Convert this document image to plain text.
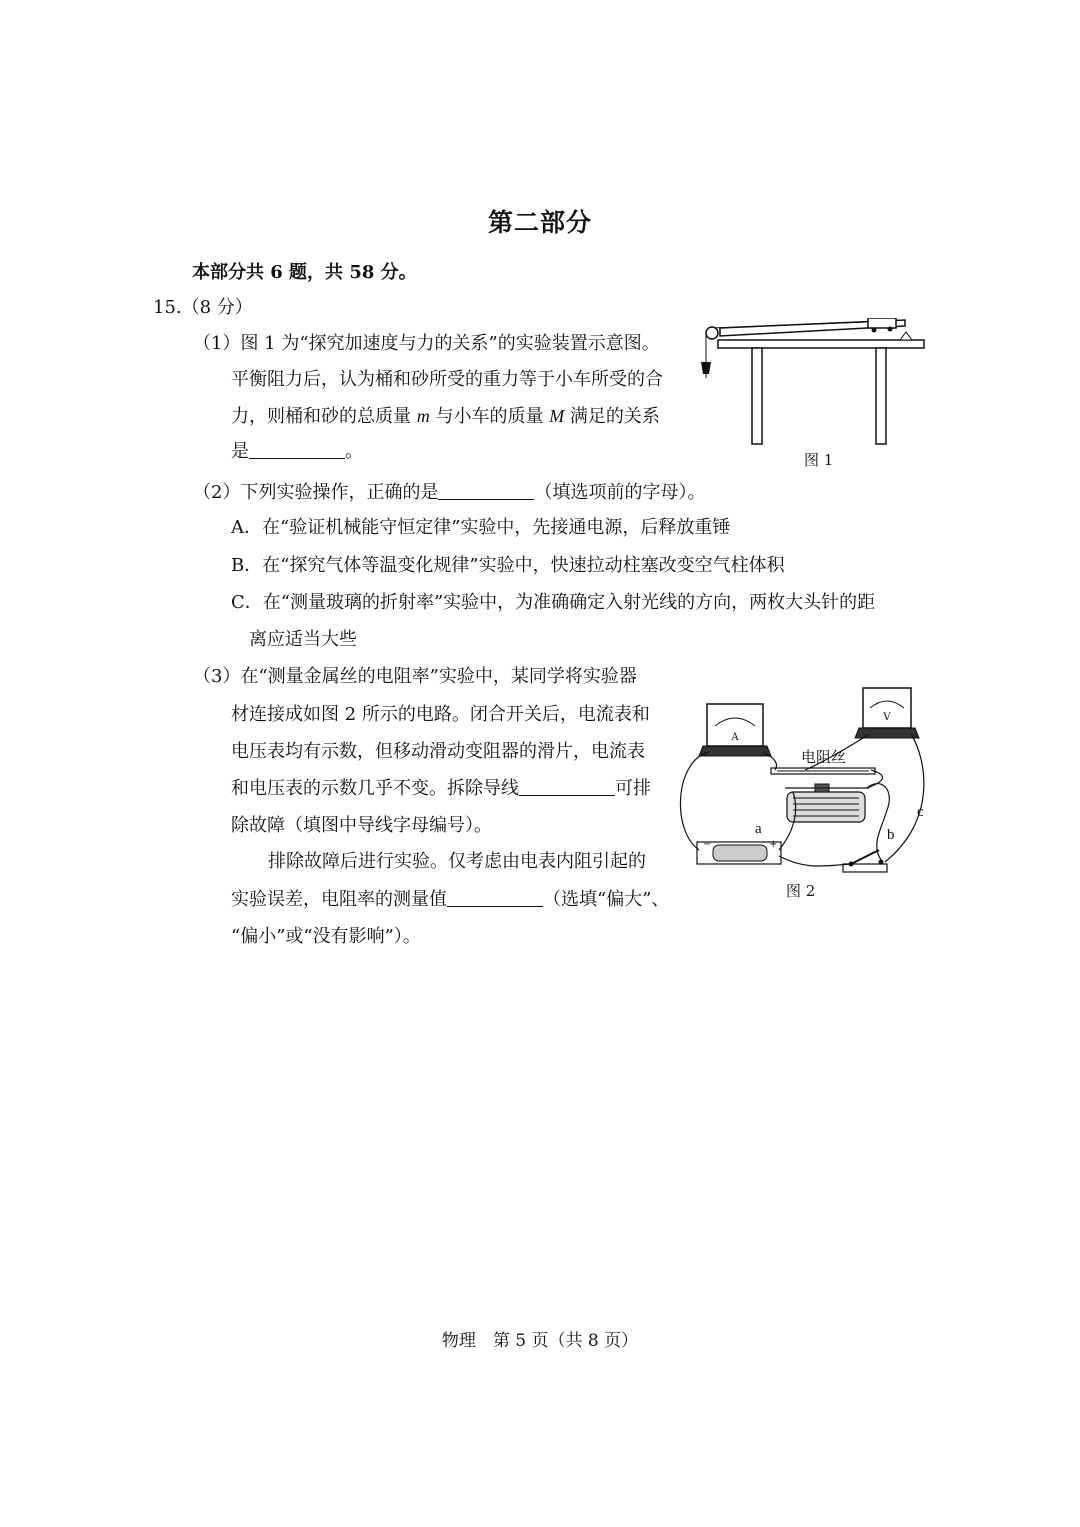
第二部分
本部分共 6 题，共 58 分。
15.（8 分）
（1）图 1 为“探究加速度与力的关系”的实验装置示意图。
平衡阻力后，认为桶和砂所受的重力等于小车所受的合
力，则桶和砂的总质量 m 与小车的质量 M 满足的关系
是	。	图 1
（2）下列实验操作，正确的是	（填选项前的字母）。
A．在“验证机械能守恒定律”实验中，先接通电源，后释放重锤
B．在“探究气体等温变化规律”实验中，快速拉动柱塞改变空气柱体积
C．在“测量玻璃的折射率”实验中，为准确确定入射光线的方向，两枚大头针的距
离应适当大些
（3）在“测量金属丝的电阻率”实验中，某同学将实验器
材连接成如图 2 所示的电路。闭合开关后，电流表和
电压表均有示数，但移动滑动变阻器的滑片，电流表
和电压表的示数几乎不变。拆除导线	可排
除故障（填图中导线字母编号）。
排除故障后进行实验。仅考虑由电表内阻引起的
实验误差，电阻率的测量值	（选填“偏大”、
“偏小”或“没有影响”）。
A
V
−	+
电阻丝
a	b
c
图 2
物理　第 5 页（共 8 页）
